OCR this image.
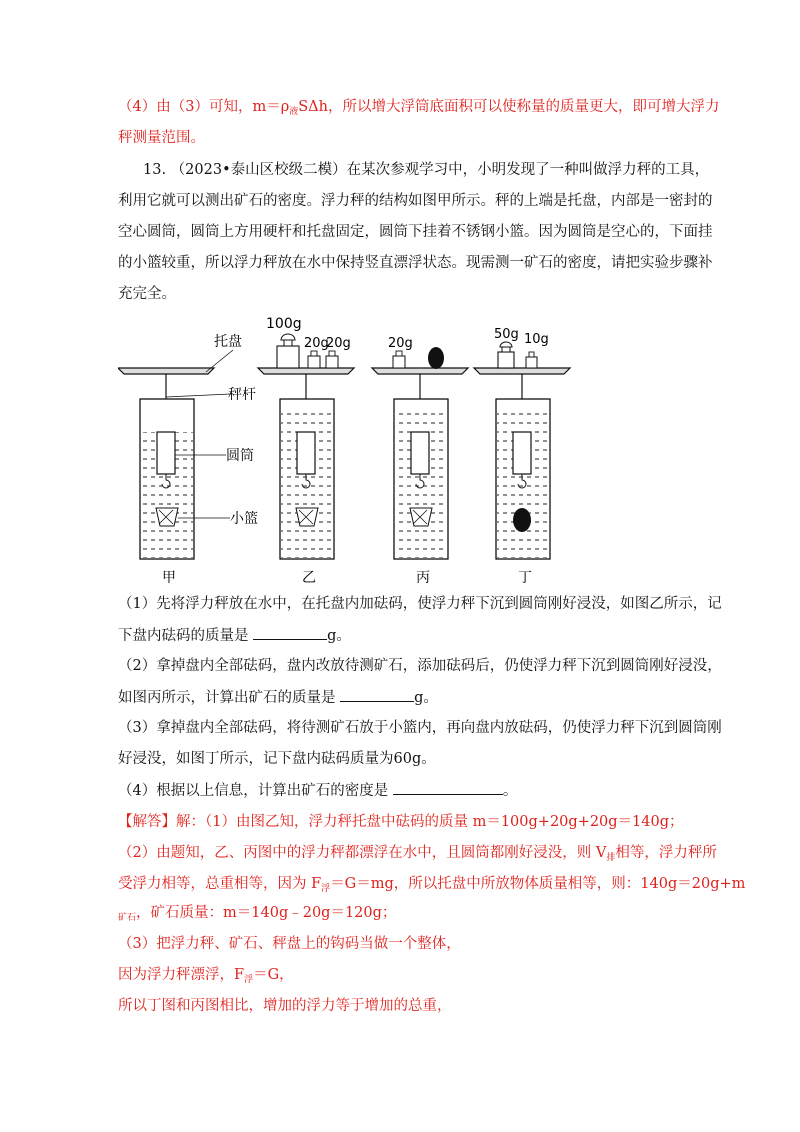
（4）由（3）可知，$m=\rho_液S\Delta h$，所以增大浮筒底面积可以使称量的质量更大，即可增大浮力
秤测量范围。
13. （2023•泰山区校级二模）在某次参观学习中，小明发现了一种叫做浮力秤的工具，
利用它就可以测出矿石的密度。浮力秤的结构如图甲所示。秤的上端是托盘，内部是一密封的
空心圆筒，圆筒上方用硬杆和托盘固定，圆筒下挂着不锈钢小篮。因为圆筒是空心的，下面挂
的小篮较重，所以浮力秤放在水中保持竖直漂浮状态。现需测一矿石的密度，请把实验步骤补
充完全。
托盘
秤杆
圆筒
小篮
甲
100g
20g
20g
乙
20g
丙
50g 10g
丁
（1）先将浮力秤放在水中，在托盘内加砝码，使浮力秤下沉到圆筒刚好浸没，如图乙所示，记
下盘内砝码的质量是	g。
（2）拿掉盘内全部砝码，盘内改放待测矿石，添加砝码后，仍使浮力秤下沉到圆筒刚好浸没，
如图丙所示，计算出矿石的质量是	g。
（3）拿掉盘内全部砝码，将待测矿石放于小篮内，再向盘内放砝码，仍使浮力秤下沉到圆筒刚
好浸没，如图丁所示，记下盘内砝码质量为60g。
（4）根据以上信息，计算出矿石的密度是	。
【解答】解：（1）由图乙知，浮力秤托盘中砝码的质量 m＝100g+20g+20g＝140g；
（2）由题知，乙、丙图中的浮力秤都漂浮在水中，且圆筒都刚好浸没，则 $V_排$相等，浮力秤所
受浮力相等，总重相等，因为 $F_浮=G=mg$，所以托盘中所放物体质量相等，则：140g＝20g+m
$_{矿石}$，矿石质量：m＝140g﹣20g＝120g；
（3）把浮力秤、矿石、秤盘上的钩码当做一个整体，
因为浮力秤漂浮，$F_浮=G$，
所以丁图和丙图相比，增加的浮力等于增加的总重，
